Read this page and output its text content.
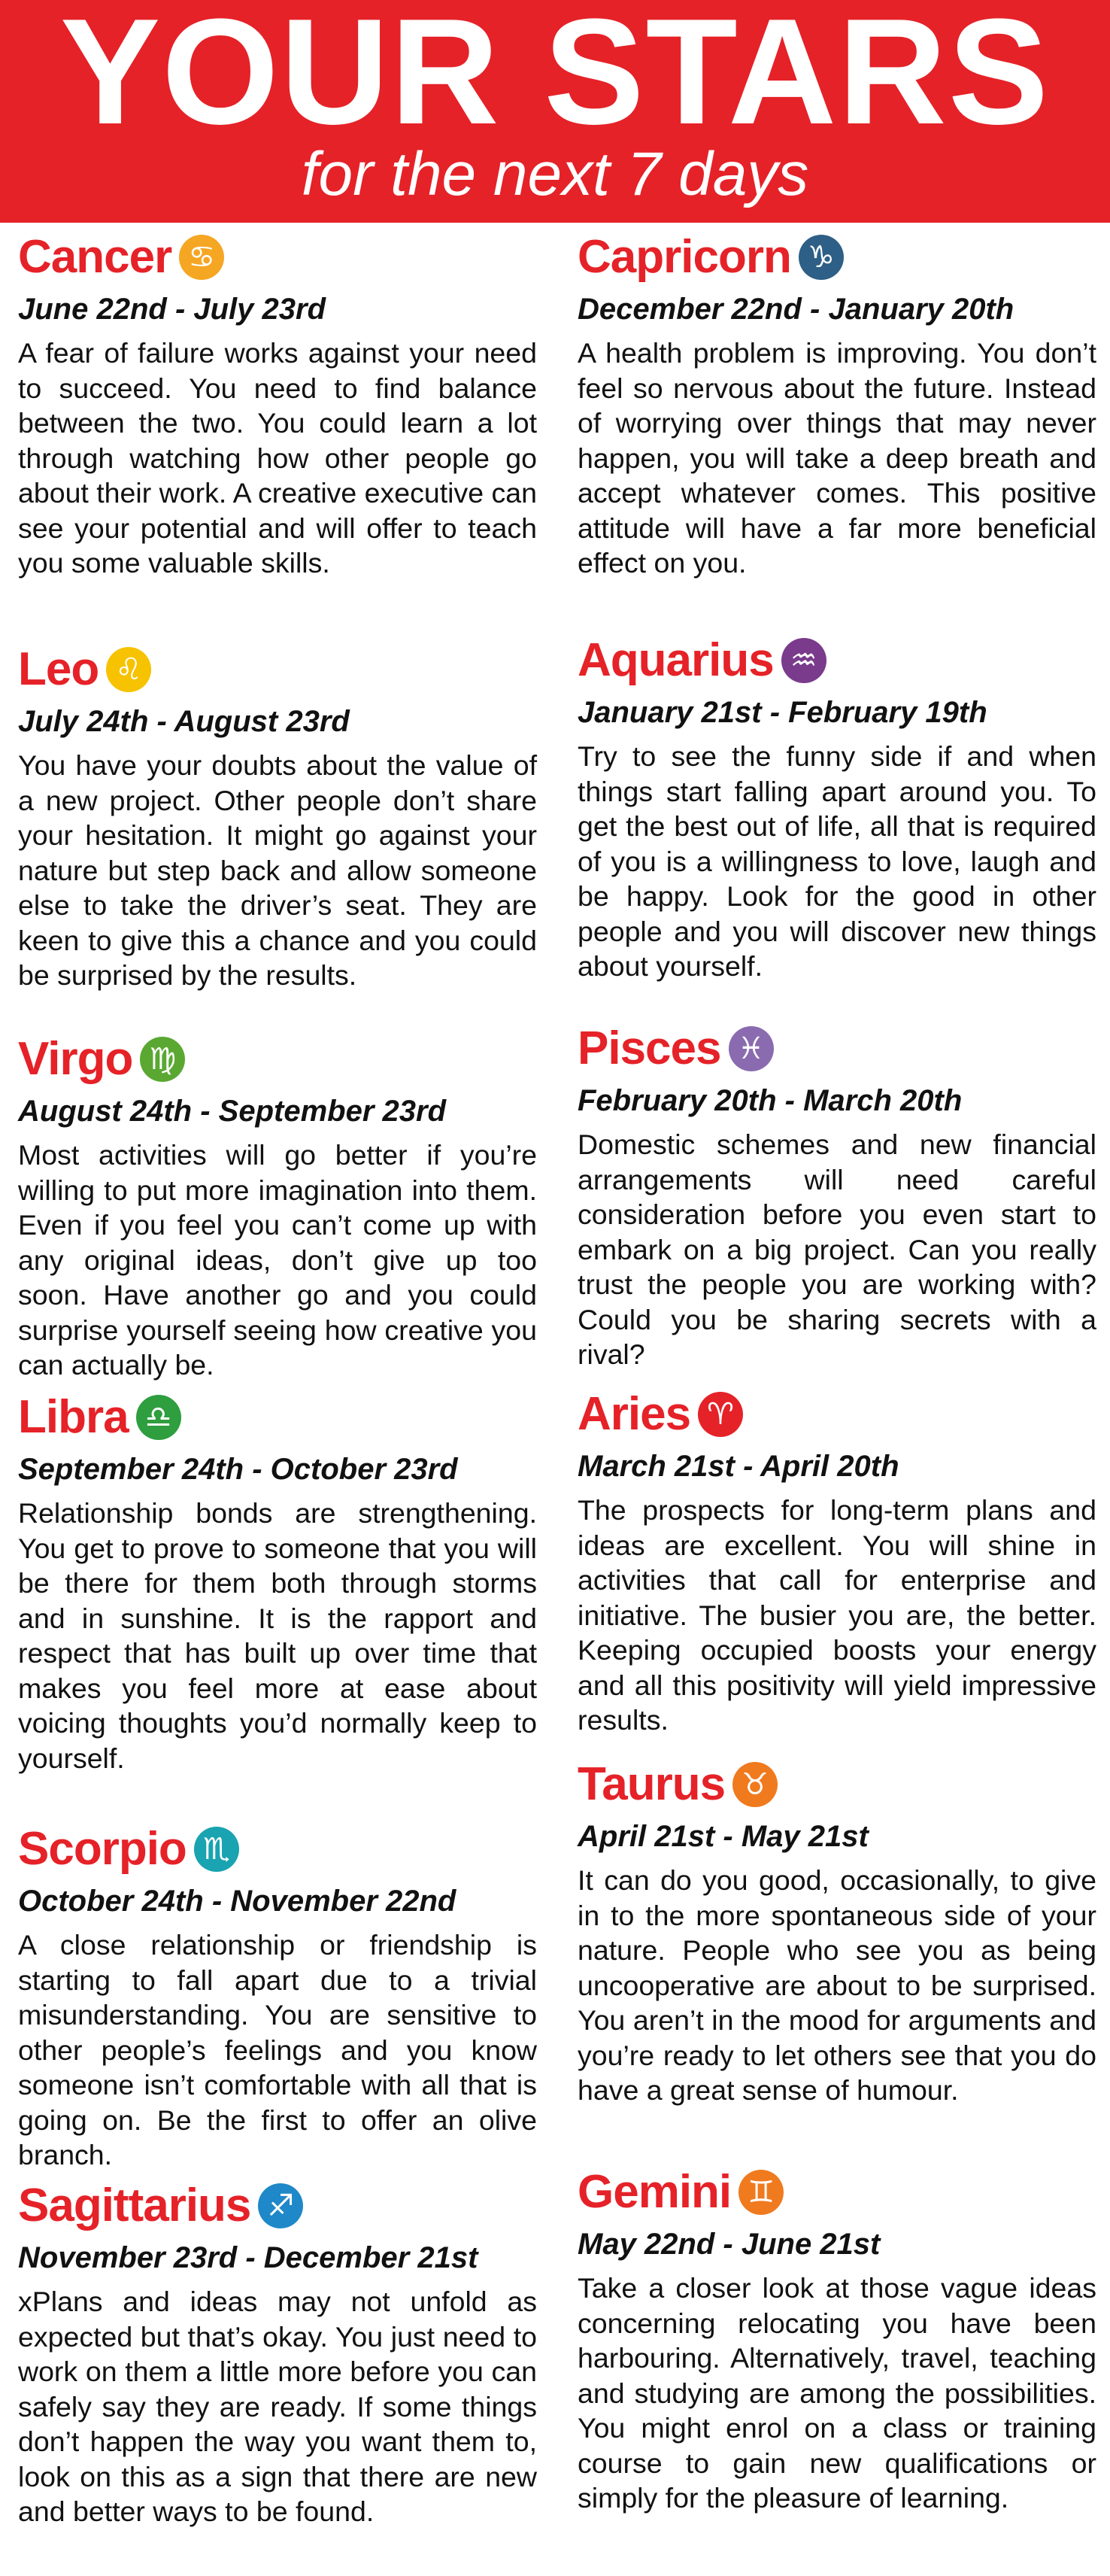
YOUR STARS
for the next 7 days
Cancer ♋
June 22nd - July 23rd
A fear of failure works against your need to succeed. You need to find balance between the two. You could learn a lot through watching how other people go about their work. A creative executive can see your potential and will offer to teach you some valuable skills.
Leo ♌
July 24th - August 23rd
You have your doubts about the value of a new project. Other people don’t share your hesitation. It might go against your nature but step back and allow someone else to take the driver’s seat. They are keen to give this a chance and you could be surprised by the results.
Virgo ♍
August 24th - September 23rd
Most activities will go better if you’re willing to put more imagination into them. Even if you feel you can’t come up with any original ideas, don’t give up too soon. Have another go and you could surprise yourself seeing how creative you can actually be.
Libra ♎
September 24th - October 23rd
Relationship bonds are strengthening. You get to prove to someone that you will be there for them both through storms and in sunshine. It is the rapport and respect that has built up over time that makes you feel more at ease about voicing thoughts you’d normally keep to yourself.
Scorpio ♏
October 24th - November 22nd
A close relationship or friendship is starting to fall apart due to a trivial misunderstanding. You are sensitive to other people’s feelings and you know someone isn’t comfortable with all that is going on. Be the first to offer an olive branch.
Sagittarius ♐
November 23rd - December 21st
xPlans and ideas may not unfold as expected but that’s okay. You just need to work on them a little more before you can safely say they are ready. If some things don’t happen the way you want them to, look on this as a sign that there are new and better ways to be found.
Capricorn ♑
December 22nd - January 20th
A health problem is improving. You don’t feel so nervous about the future. Instead of worrying over things that may never happen, you will take a deep breath and accept whatever comes. This positive attitude will have a far more beneficial effect on you.
Aquarius ♒
January 21st - February 19th
Try to see the funny side if and when things start falling apart around you. To get the best out of life, all that is required of you is a willingness to love, laugh and be happy. Look for the good in other people and you will discover new things about yourself.
Pisces ♓
February 20th - March 20th
Domestic schemes and new financial arrangements will need careful consideration before you even start to embark on a big project. Can you really trust the people you are working with? Could you be sharing secrets with a rival?
Aries ♈
March 21st - April 20th
The prospects for long-term plans and ideas are excellent. You will shine in activities that call for enterprise and initiative. The busier you are, the better. Keeping occupied boosts your energy and all this positivity will yield impressive results.
Taurus ♉
April 21st - May 21st
It can do you good, occasionally, to give in to the more spontaneous side of your nature. People who see you as being uncooperative are about to be surprised. You aren’t in the mood for arguments and you’re ready to let others see that you do have a great sense of humour.
Gemini ♊
May 22nd - June 21st
Take a closer look at those vague ideas concerning relocating you have been harbouring. Alternatively, travel, teaching and studying are among the possibilities. You might enrol on a class or training course to gain new qualifications or simply for the pleasure of learning.
